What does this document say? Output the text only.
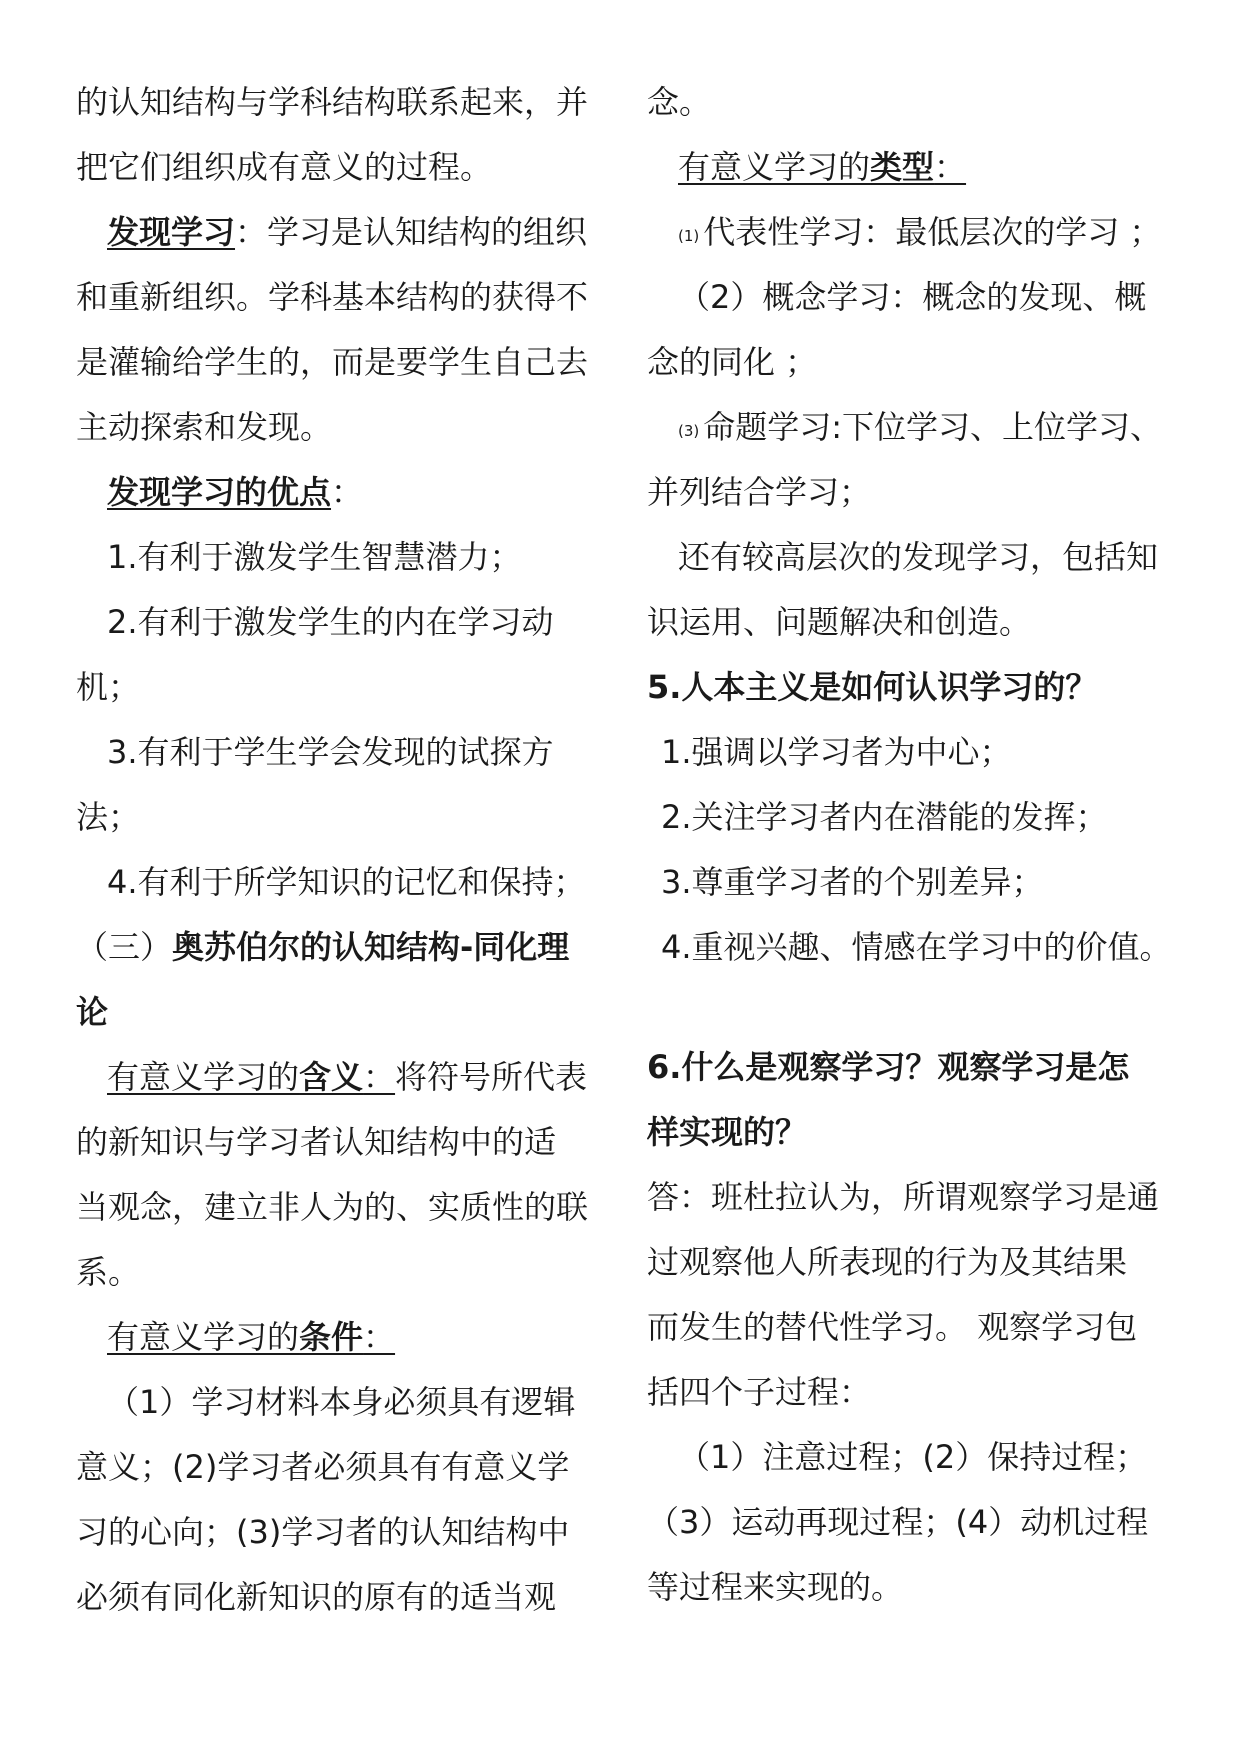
的认知结构与学科结构联系起来，并
把它们组织成有意义的过程。
发现学习：学习是认知结构的组织
和重新组织。学科基本结构的获得不
是灌输给学生的，而是要学生自己去
主动探索和发现。
发现学习的优点：
1.有利于激发学生智慧潜力；
2.有利于激发学生的内在学习动
机；
3.有利于学生学会发现的试探方
法；
4.有利于所学知识的记忆和保持；
（三）奥苏伯尔的认知结构-同化理
论
有意义学习的含义：将符号所代表
的新知识与学习者认知结构中的适
当观念，建立非人为的、实质性的联
系。
有意义学习的条件：
（1）学习材料本身必须具有逻辑
意义；(2)学习者必须具有有意义学
习的心向；(3)学习者的认知结构中
必须有同化新知识的原有的适当观
念。
有意义学习的类型：
(1) 代表性学习：最低层次的学习 ；
（2）概念学习：概念的发现、概
念的同化 ；
(3) 命题学习:下位学习、上位学习、
并列结合学习；
还有较高层次的发现学习，包括知
识运用、问题解决和创造。
5.人本主义是如何认识学习的？
1.强调以学习者为中心；
2.关注学习者内在潜能的发挥；
3.尊重学习者的个别差异；
4.重视兴趣、情感在学习中的价值。
6.什么是观察学习？观察学习是怎
样实现的？
答：班杜拉认为，所谓观察学习是通
过观察他人所表现的行为及其结果
而发生的替代性学习。 观察学习包
括四个子过程：
（1）注意过程；(2）保持过程；
（3）运动再现过程；(4）动机过程
等过程来实现的。
